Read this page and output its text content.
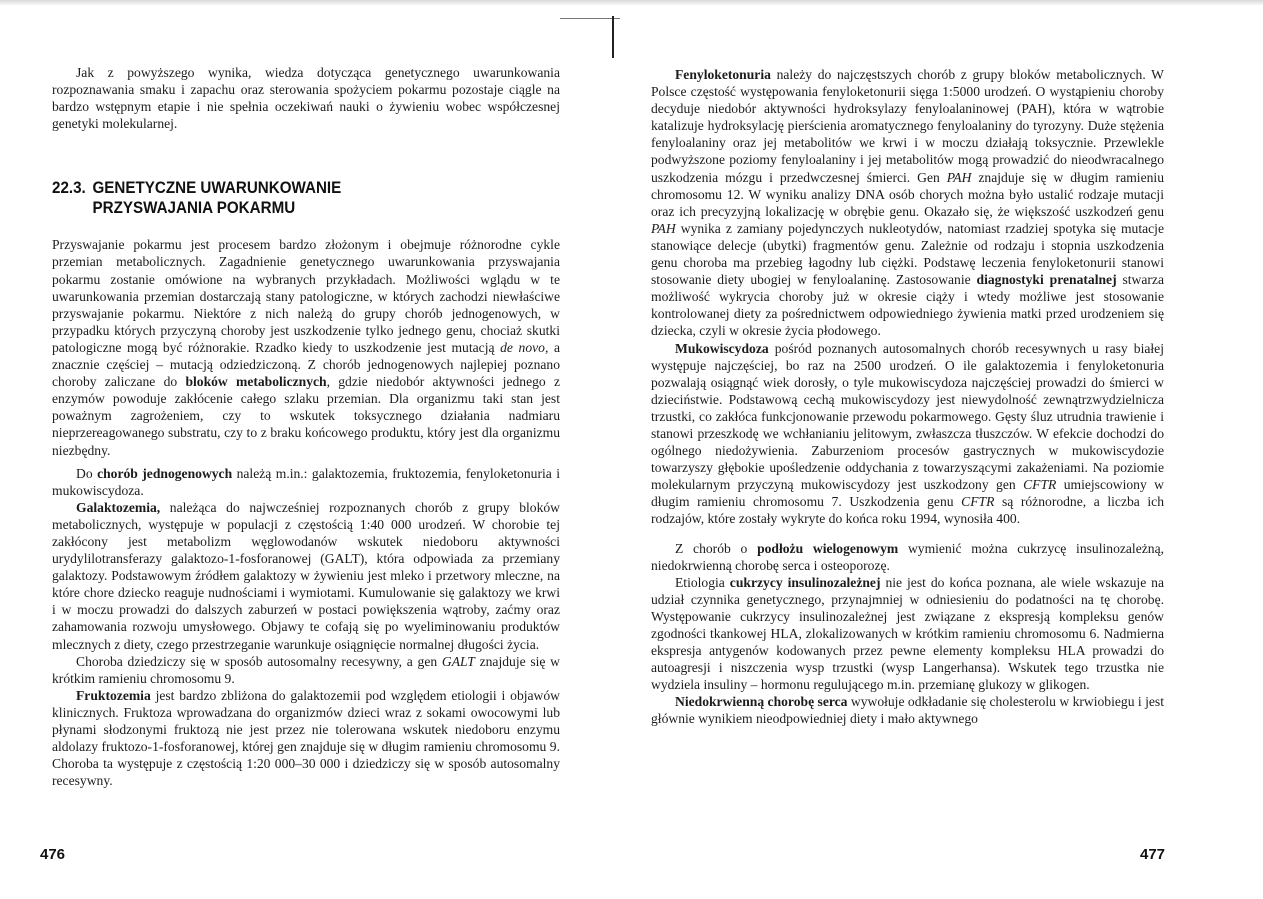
Jak z powyższego wynika, wiedza dotycząca genetycznego uwarunkowania rozpoznawania smaku i zapachu oraz sterowania spożyciem pokarmu pozostaje ciągle na bardzo wstępnym etapie i nie spełnia oczekiwań nauki o żywieniu wobec współczesnej genetyki molekularnej.

22.3. GENETYCZNE UWARUNKOWANIE
PRZYSWAJANIA POKARMU

Przyswajanie pokarmu jest procesem bardzo złożonym i obejmuje różnorodne cykle przemian metabolicznych. Zagadnienie genetycznego uwarunkowania przyswajania pokarmu zostanie omówione na wybranych przykładach. Możliwości wglądu w te uwarunkowania przemian dostarczają stany patologiczne, w których zachodzi niewłaściwe przyswajanie pokarmu. Niektóre z nich należą do grupy chorób jednogenowych, w przypadku których przyczyną choroby jest uszkodzenie tylko jednego genu, chociaż skutki patologiczne mogą być różnorakie. Rzadko kiedy to uszkodzenie jest mutacją de novo, a znacznie częściej – mutacją odziedziczoną. Z chorób jednogenowych najlepiej poznano choroby zaliczane do bloków metabolicznych, gdzie niedobór aktywności jednego z enzymów powoduje zakłócenie całego szlaku przemian. Dla organizmu taki stan jest poważnym zagrożeniem, czy to wskutek toksycznego działania nadmiaru nieprzereagowanego substratu, czy to z braku końcowego produktu, który jest dla organizmu niezbędny.

Do chorób jednogenowych należą m.in.: galaktozemia, fruktozemia, fenyloketonuria i mukowiscydoza.

Galaktozemia, należąca do najwcześniej rozpoznanych chorób z grupy bloków metabolicznych, występuje w populacji z częstością 1:40 000 urodzeń. W chorobie tej zakłócony jest metabolizm węglowodanów wskutek niedoboru aktywności urydylilotransferazy galaktozo-1-fosforanowej (GALT), która odpowiada za przemiany galaktozy. Podstawowym źródłem galaktozy w żywieniu jest mleko i przetwory mleczne, na które chore dziecko reaguje nudnościami i wymiotami. Kumulowanie się galaktozy we krwi i w moczu prowadzi do dalszych zaburzeń w postaci powiększenia wątroby, zaćmy oraz zahamowania rozwoju umysłowego. Objawy te cofają się po wyeliminowaniu produktów mlecznych z diety, czego przestrzeganie warunkuje osiągnięcie normalnej długości życia.

Choroba dziedziczy się w sposób autosomalny recesywny, a gen GALT znajduje się w krótkim ramieniu chromosomu 9.

Fruktozemia jest bardzo zbliżona do galaktozemii pod względem etiologii i objawów klinicznych. Fruktoza wprowadzana do organizmów dzieci wraz z sokami owocowymi lub płynami słodzonymi fruktozą nie jest przez nie tolerowana wskutek niedoboru enzymu aldolazy fruktozo-1-fosforanowej, której gen znajduje się w długim ramieniu chromosomu 9. Choroba ta występuje z częstością 1:20 000–30 000 i dziedziczy się w sposób autosomalny recesywny.

476

Fenyloketonuria należy do najczęstszych chorób z grupy bloków metabolicznych. W Polsce częstość występowania fenyloketonurii sięga 1:5000 urodzeń. O wystąpieniu choroby decyduje niedobór aktywności hydroksylazy fenyloalaninowej (PAH), która w wątrobie katalizuje hydroksylację pierścienia aromatycznego fenyloalaniny do tyrozyny. Duże stężenia fenyloalaniny oraz jej metabolitów we krwi i w moczu działają toksycznie. Przewlekle podwyższone poziomy fenyloalaniny i jej metabolitów mogą prowadzić do nieodwracalnego uszkodzenia mózgu i przedwczesnej śmierci. Gen PAH znajduje się w długim ramieniu chromosomu 12. W wyniku analizy DNA osób chorych można było ustalić rodzaje mutacji oraz ich precyzyjną lokalizację w obrębie genu. Okazało się, że większość uszkodzeń genu PAH wynika z zamiany pojedynczych nukleotydów, natomiast rzadziej spotyka się mutacje stanowiące delecje (ubytki) fragmentów genu. Zależnie od rodzaju i stopnia uszkodzenia genu choroba ma przebieg łagodny lub ciężki. Podstawę leczenia fenyloketonurii stanowi stosowanie diety ubogiej w fenyloalaninę. Zastosowanie diagnostyki prenatalnej stwarza możliwość wykrycia choroby już w okresie ciąży i wtedy możliwe jest stosowanie kontrolowanej diety za pośrednictwem odpowiedniego żywienia matki przed urodzeniem się dziecka, czyli w okresie życia płodowego.

Mukowiscydoza pośród poznanych autosomalnych chorób recesywnych u rasy białej występuje najczęściej, bo raz na 2500 urodzeń. O ile galaktozemia i fenyloketonuria pozwalają osiągnąć wiek dorosły, o tyle mukowiscydoza najczęściej prowadzi do śmierci w dzieciństwie. Podstawową cechą mukowiscydozy jest niewydolność zewnątrzwydzielnicza trzustki, co zakłóca funkcjonowanie przewodu pokarmowego. Gęsty śluz utrudnia trawienie i stanowi przeszkodę we wchłanianiu jelitowym, zwłaszcza tłuszczów. W efekcie dochodzi do ogólnego niedożywienia. Zaburzeniom procesów gastrycznych w mukowiscydozie towarzyszy głębokie upośledzenie oddychania z towarzyszącymi zakażeniami. Na poziomie molekularnym przyczyną mukowiscydozy jest uszkodzony gen CFTR umiejscowiony w długim ramieniu chromosomu 7. Uszkodzenia genu CFTR są różnorodne, a liczba ich rodzajów, które zostały wykryte do końca roku 1994, wynosiła 400.

Z chorób o podłożu wielogenowym wymienić można cukrzycę insulinozależną, niedokrwienną chorobę serca i osteoporozę.

Etiologia cukrzycy insulinozależnej nie jest do końca poznana, ale wiele wskazuje na udział czynnika genetycznego, przynajmniej w odniesieniu do podatności na tę chorobę. Występowanie cukrzycy insulinozależnej jest związane z ekspresją kompleksu genów zgodności tkankowej HLA, zlokalizowanych w krótkim ramieniu chromosomu 6. Nadmierna ekspresja antygenów kodowanych przez pewne elementy kompleksu HLA prowadzi do autoagresji i niszczenia wysp trzustki (wysp Langerhansa). Wskutek tego trzustka nie wydziela insuliny – hormonu regulującego m.in. przemianę glukozy w glikogen.

Niedokrwienną chorobę serca wywołuje odkładanie się cholesterolu w krwiobiegu i jest głównie wynikiem nieodpowiedniej diety i mało aktywnego

477
